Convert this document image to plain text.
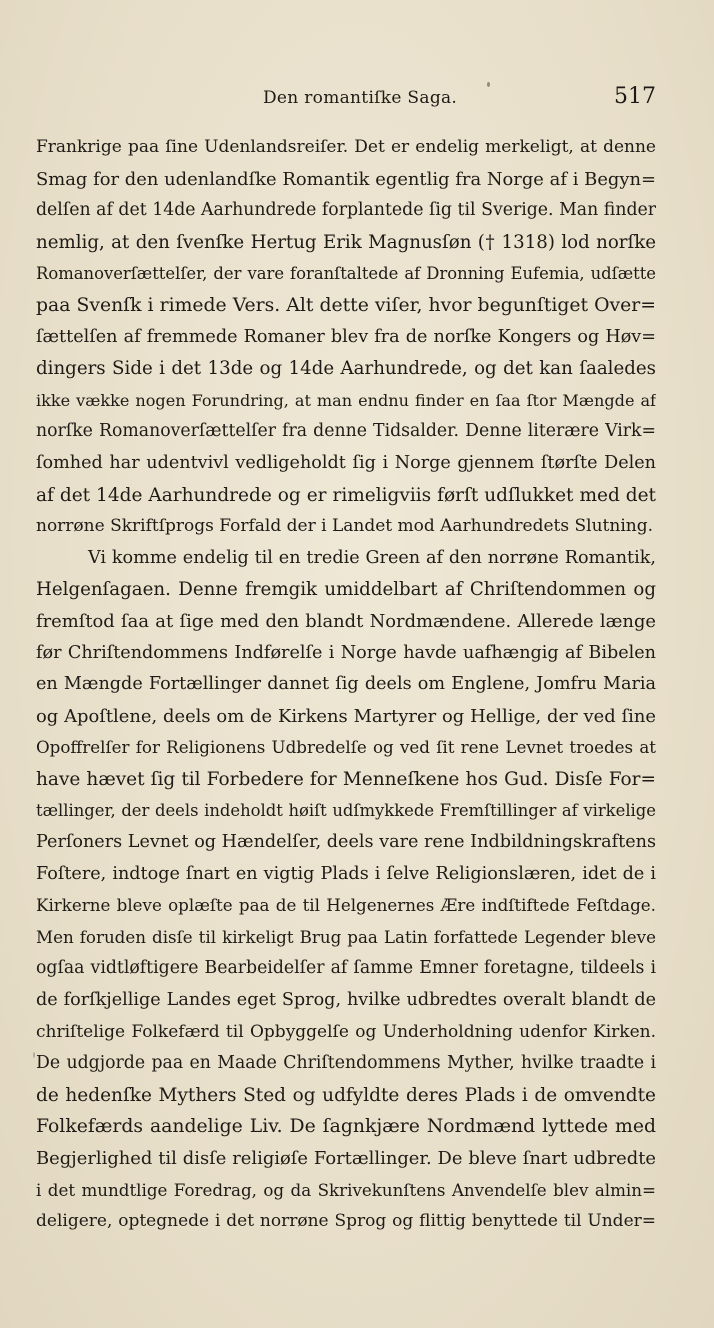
Den romantiſke Saga.	517
Frankrige paa ſine Udenlandsreiſer. Det er endelig merkeligt, at denne
Smag for den udenlandſke Romantik egentlig fra Norge af i Begyn=
delſen af det 14de Aarhundrede forplantede ſig til Sverige. Man finder
nemlig, at den ſvenſke Hertug Erik Magnusſøn († 1318) lod norſke
Romanoverſættelſer, der vare foranſtaltede af Dronning Eufemia, udſætte
paa Svenſk i rimede Vers. Alt dette viſer, hvor begunſtiget Over=
ſættelſen af fremmede Romaner blev fra de norſke Kongers og Høv=
dingers Side i det 13de og 14de Aarhundrede, og det kan ſaaledes
ikke vække nogen Forundring, at man endnu finder en ſaa ſtor Mængde af
norſke Romanoverſættelſer fra denne Tidsalder. Denne literære Virk=
ſomhed har udentvivl vedligeholdt ſig i Norge gjennem ſtørſte Delen
af det 14de Aarhundrede og er rimeligviis førſt udſlukket med det
norrøne Skriftſprogs Forfald der i Landet mod Aarhundredets Slutning.
Vi komme endelig til en tredie Green af den norrøne Romantik,
Helgenſagaen. Denne fremgik umiddelbart af Chriſtendommen og
fremſtod ſaa at ſige med den blandt Nordmændene. Allerede længe
før Chriſtendommens Indførelſe i Norge havde uafhængig af Bibelen
en Mængde Fortællinger dannet ſig deels om Englene, Jomfru Maria
og Apoſtlene, deels om de Kirkens Martyrer og Hellige, der ved ſine
Opoffrelſer for Religionens Udbredelſe og ved ſit rene Levnet troedes at
have hævet ſig til Forbedere for Menneſkene hos Gud. Disſe For=
tællinger, der deels indeholdt høiſt udſmykkede Fremſtillinger af virkelige
Perſoners Levnet og Hændelſer, deels vare rene Indbildningskraftens
Foſtere, indtoge ſnart en vigtig Plads i ſelve Religionslæren, idet de i
Kirkerne bleve oplæſte paa de til Helgenernes Ære indſtiftede Feſtdage.
Men foruden disſe til kirkeligt Brug paa Latin forfattede Legender bleve
ogſaa vidtløftigere Bearbeidelſer af ſamme Emner foretagne, tildeels i
de forſkjellige Landes eget Sprog, hvilke udbredtes overalt blandt de
chriſtelige Folkefærd til Opbyggelſe og Underholdning udenfor Kirken.
De udgjorde paa en Maade Chriſtendommens Myther, hvilke traadte i
de hedenſke Mythers Sted og udfyldte deres Plads i de omvendte
Folkefærds aandelige Liv. De ſagnkjære Nordmænd lyttede med
Begjerlighed til disſe religiøſe Fortællinger. De bleve ſnart udbredte
i det mundtlige Foredrag, og da Skrivekunſtens Anvendelſe blev almin=
deligere, optegnede i det norrøne Sprog og flittig benyttede til Under=
